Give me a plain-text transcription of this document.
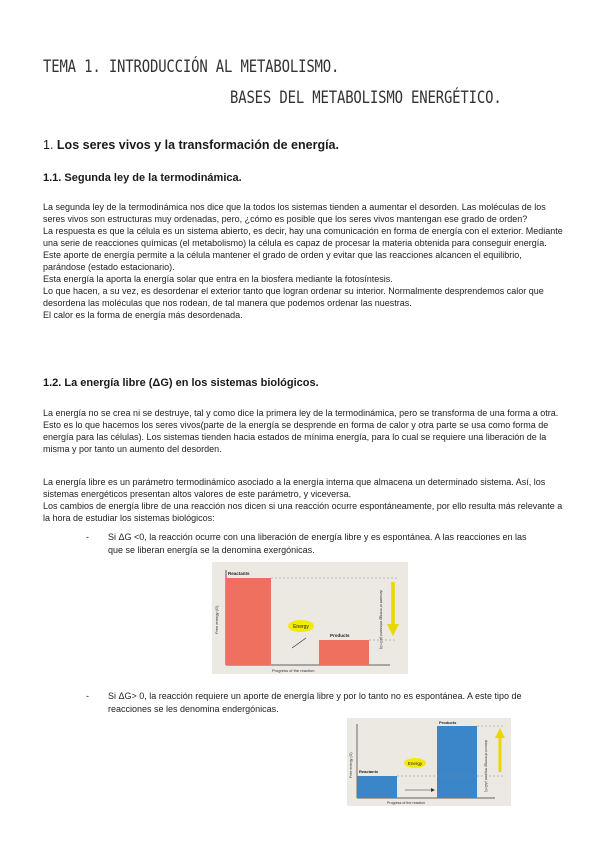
TEMA 1. INTRODUCCIÓN AL METABOLISMO.
BASES DEL METABOLISMO ENERGÉTICO.
1. Los seres vivos y la transformación de energía.
1.1. Segunda ley de la termodinámica.

La segunda ley de la termodinámica nos dice que la todos los sistemas tienden a aumentar el desorden. Las moléculas de los seres vivos son estructuras muy ordenadas, pero, ¿cómo es posible que los seres vivos mantengan ese grado de orden?

La respuesta es que la célula es un sistema abierto, es decir, hay una comunicación en forma de energía con el exterior. Mediante una serie de reacciones químicas (el metabolismo) la célula es capaz de procesar la materia obtenida para conseguir energía. Este aporte de energía permite a la célula mantener el grado de orden y evitar que las reacciones alcancen el equilibrio, parándose (estado estacionario).

Esta energía la aporta la energía solar que entra en la biosfera mediante la fotosíntesis.

Lo que hacen, a su vez, es desordenar el exterior tanto que logran ordenar su interior. Normalmente desprendemos calor que desordena las moléculas que nos rodean, de tal manera que podemos ordenar las nuestras.

El calor es la forma de energía más desordenada.

1.2. La energía libre (ΔG) en los sistemas biológicos.

La energía no se crea ni se destruye, tal y como dice la primera ley de la termodinámica, pero se transforma de una forma a otra. Esto es lo que hacemos los seres vivos(parte de la energía se desprende en forma de calor y otra parte se usa como forma de energía para las células). Los sistemas tienden hacia estados de mínima energía, para lo cual se requiere una liberación de la misma y por tanto un aumento del desorden.

La energía libre es un parámetro termodinámico asociado a la energía interna que almacena un determinado sistema. Así, los sistemas energéticos presentan altos valores de este parámetro, y viceversa.

Los cambios de energía libre de una reacción nos dicen si una reacción ocurre espontáneamente, por ello resulta más relevante a la hora de estudiar los sistemas biológicos:

- Si ΔG <0, la reacción ocurre con una liberación de energía libre y es espontánea. A las reacciones en las que se liberan energía se la denomina exergónicas.
Energy
Reactants
Products	Amount of energy released (ΔG<0)
Free energy (G)
Progress of the reaction
- Si ΔG> 0, la reacción requiere un aporte de energía libre y por lo tanto no es espontánea. A este tipo de reacciones se les denomina endergónicas.
Energy
Reactants
Products
Amount of energy required (ΔG>0)
Free energy (G)
Progress of the reaction
